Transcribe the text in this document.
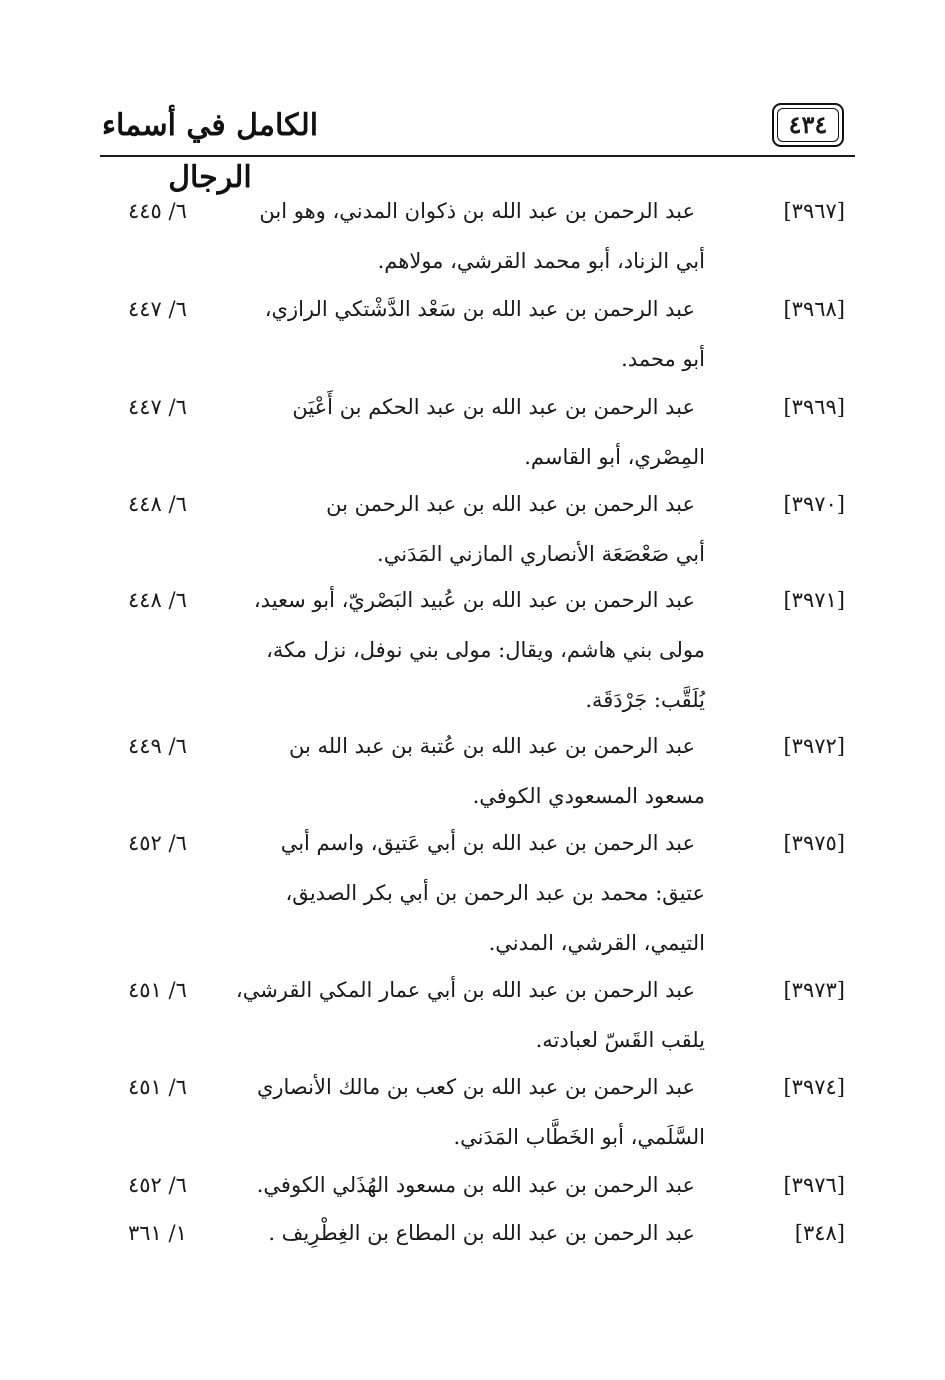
الكامل في أسماء الرجال
٤٣٤
[٣٩٦٧]
عبد الرحمن بن عبد الله بن ذكوان المدني، وهو ابن
أبي الزناد، أبو محمد القرشي، مولاهم.
٦/ ٤٤٥
[٣٩٦٨]
عبد الرحمن بن عبد الله بن سَعْد الدَّشْتكي الرازي،
أبو محمد.
٦/ ٤٤٧
[٣٩٦٩]
عبد الرحمن بن عبد الله بن عبد الحكم بن أَعْيَن
المِصْري، أبو القاسم.
٦/ ٤٤٧
[٣٩٧٠]
عبد الرحمن بن عبد الله بن عبد الرحمن بن
أبي صَعْصَعَة الأنصاري المازني المَدَني.
٦/ ٤٤٨
[٣٩٧١]
عبد الرحمن بن عبد الله بن عُبيد البَصْريّ، أبو سعيد،
مولى بني هاشم، ويقال: مولى بني نوفل، نزل مكة،
يُلَقَّب: جَرْدَقَة.
٦/ ٤٤٨
[٣٩٧٢]
عبد الرحمن بن عبد الله بن عُتبة بن عبد الله بن
مسعود المسعودي الكوفي.
٦/ ٤٤٩
[٣٩٧٥]
عبد الرحمن بن عبد الله بن أبي عَتيق، واسم أبي
عتيق: محمد بن عبد الرحمن بن أبي بكر الصديق،
التيمي، القرشي، المدني.
٦/ ٤٥٢
[٣٩٧٣]
عبد الرحمن بن عبد الله بن أبي عمار المكي القرشي،
يلقب القَسّ لعبادته.
٦/ ٤٥١
[٣٩٧٤]
عبد الرحمن بن عبد الله بن كعب بن مالك الأنصاري
السَّلَمي، أبو الخَطَّاب المَدَني.
٦/ ٤٥١
[٣٩٧٦]
عبد الرحمن بن عبد الله بن مسعود الهُذَلي الكوفي.
٦/ ٤٥٢
[٣٤٨]
عبد الرحمن بن عبد الله بن المطاع بن الغِطْرِيف .
١/ ٣٦١
